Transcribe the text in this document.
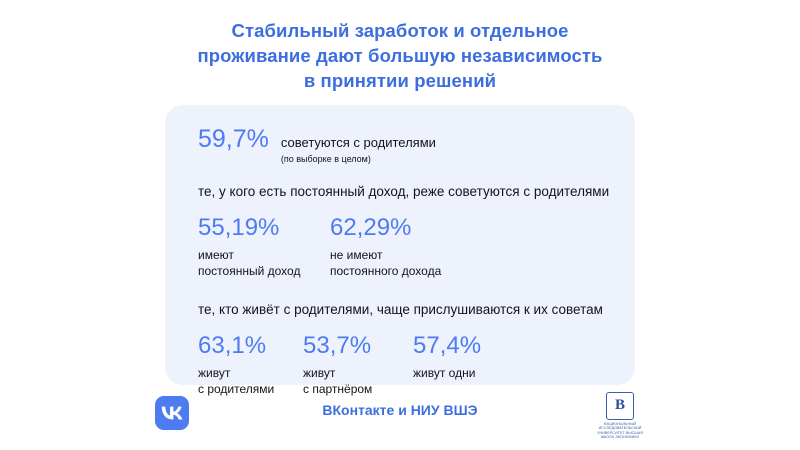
Стабильный заработок и отдельное
проживание дают большую независимость
в принятии решений
59,7% советуются с родителями
(по выборке в целом)
те, у кого есть постоянный доход, реже советуются с родителями
55,19%
имеют
постоянный доход
62,29%
не имеют
постоянного дохода
те, кто живёт с родителями, чаще прислушиваются к их советам
63,1%
живут
с родителями
53,7%
живут
с партнёром
57,4%
живут одни
ВКонтакте и НИУ ВШЭ	В
НАЦИОНАЛЬНЫЙ ИССЛЕДОВАТЕЛЬСКИЙ УНИВЕРСИТЕТ ВЫСШАЯ ШКОЛА ЭКОНОМИКИ
